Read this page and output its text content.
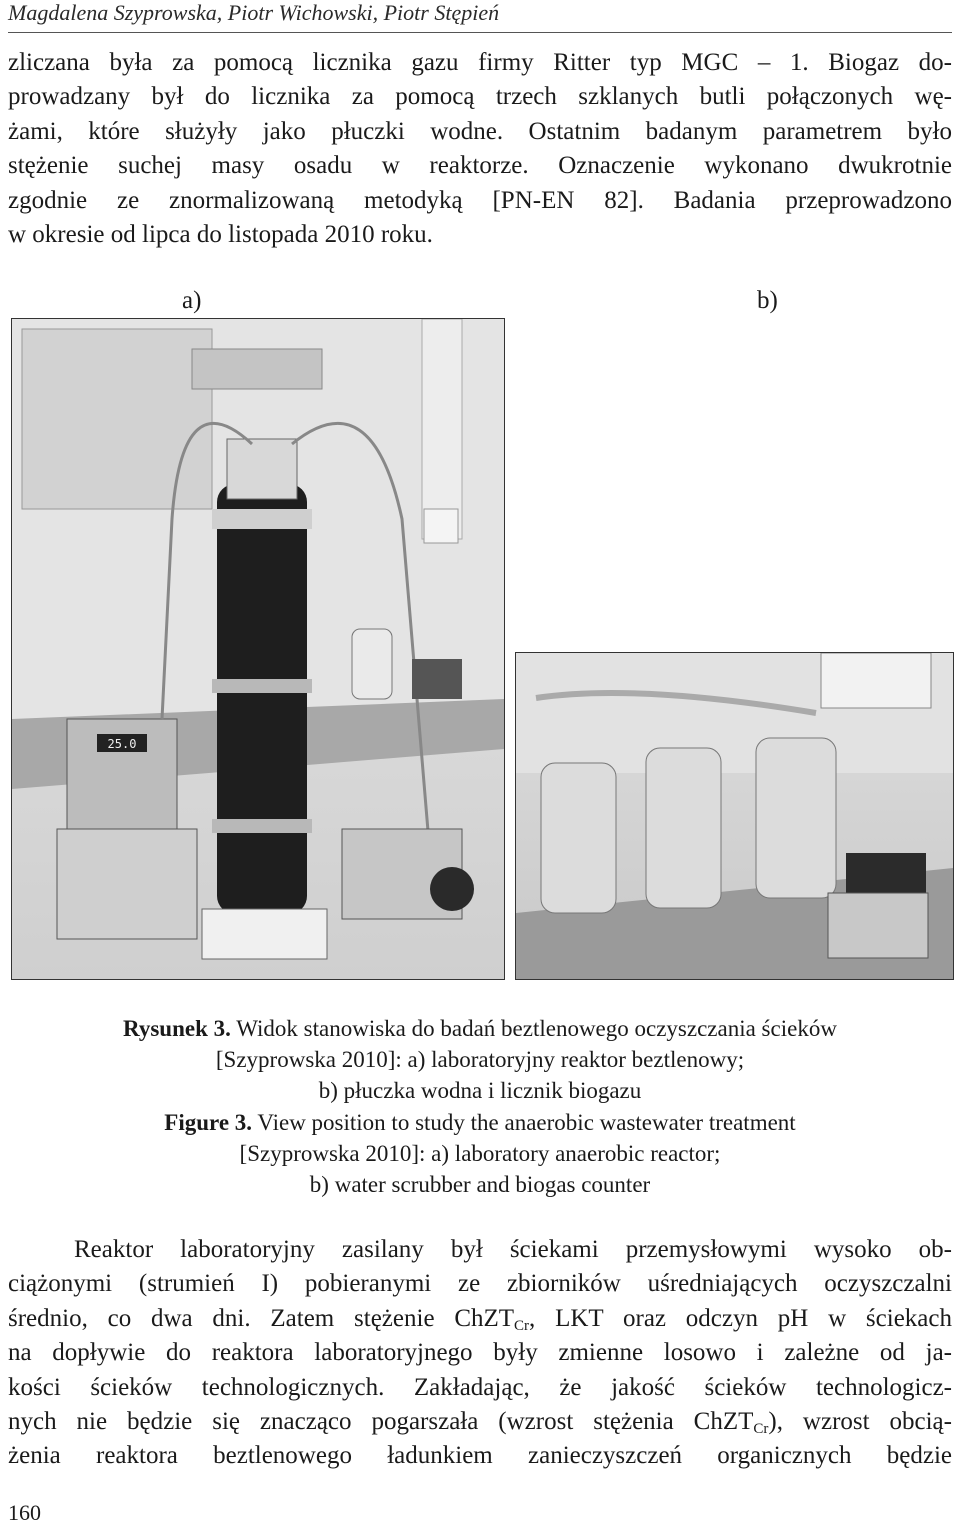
Magdalena Szyprowska, Piotr Wichowski, Piotr Stępień
zliczana była za pomocą licznika gazu firmy Ritter typ MGC – 1. Biogaz do-
prowadzany był do licznika za pomocą trzech szklanych butli połączonych wę-
żami, które służyły jako płuczki wodne. Ostatnim badanym parametrem było
stężenie suchej masy osadu w reaktorze. Oznaczenie wykonano dwukrotnie
zgodnie ze znormalizowaną metodyką [PN-EN 82]. Badania przeprowadzono
w okresie od lipca do listopada 2010 roku.
a)	b)
25.0
Rysunek 3. Widok stanowiska do badań beztlenowego oczyszczania ścieków
[Szyprowska 2010]: a) laboratoryjny reaktor beztlenowy;
b) płuczka wodna i licznik biogazu
Figure 3. View position to study the anaerobic wastewater treatment
[Szyprowska 2010]: a) laboratory anaerobic reactor;
b) water scrubber and biogas counter
Reaktor laboratoryjny zasilany był ściekami przemysłowymi wysoko ob-
ciążonymi (strumień I) pobieranymi ze zbiorników uśredniających oczyszczalni
średnio, co dwa dni. Zatem stężenie ChZT$_{Cr}$, LKT oraz odczyn pH w ściekach
na dopływie do reaktora laboratoryjnego były zmienne losowo i zależne od ja-
kości ścieków technologicznych. Zakładając, że jakość ścieków technologicz-
nych nie będzie się znacząco pogarszała (wzrost stężenia ChZT$_{Cr}$), wzrost obcią-
żenia reaktora beztlenowego ładunkiem zanieczyszczeń organicznych będzie
160
